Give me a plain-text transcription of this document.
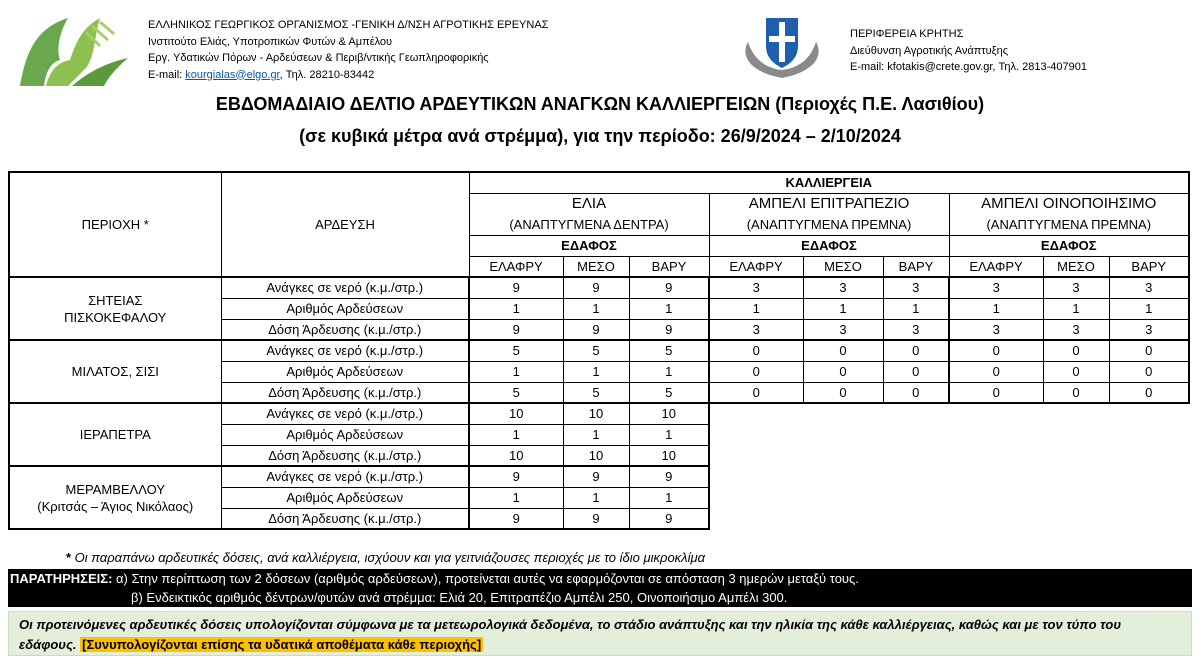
ΕΛΛΗΝΙΚΟΣ ΓΕΩΡΓΙΚΟΣ ΟΡΓΑΝΙΣΜΟΣ -ΓΕΝΙΚΗ Δ/ΝΣΗ ΑΓΡΟΤΙΚΗΣ ΕΡΕΥΝΑΣ
Ινστιτούτο Ελιάς, Υποτροπικών Φυτών & Αμπέλου
Εργ. Υδατικών Πόρων - Αρδεύσεων & Περιβ/ντικής Γεωπληροφορικής
E-mail: kourgialas@elgo.gr, Τηλ. 28210-83442
ΠΕΡΙΦΕΡΕΙΑ ΚΡΗΤΗΣ
Διεύθυνση Αγροτικής Ανάπτυξης
E-mail: kfotakis@crete.gov.gr, Τηλ. 2813-407901
ΕΒΔΟΜΑΔΙΑΙΟ ΔΕΛΤΙΟ ΑΡΔΕΥΤΙΚΩΝ ΑΝΑΓΚΩΝ ΚΑΛΛΙΕΡΓΕΙΩΝ (Περιοχές Π.Ε. Λασιθίου)
(σε κυβικά μέτρα ανά στρέμμα), για την περίοδο: 26/9/2024 – 2/10/2024
ΠΕΡΙΟΧΗ *	ΑΡΔΕΥΣΗ	ΚΑΛΛΙΕΡΓΕΙΑ								
		ΕΛΙΑ			ΑΜΠΕΛΙ ΕΠΙΤΡΑΠΕΖΙΟ			ΑΜΠΕΛΙ ΟΙΝΟΠΟΙΗΣΙΜΟ		
		(ΑΝΑΠΤΥΓΜΕΝΑ ΔΕΝΤΡΑ)			(ΑΝΑΠΤΥΓΜΕΝΑ ΠΡΕΜΝΑ)			(ΑΝΑΠΤΥΓΜΕΝΑ ΠΡΕΜΝΑ)		
		ΕΔΑΦΟΣ			ΕΔΑΦΟΣ			ΕΔΑΦΟΣ		
		ΕΛΑΦΡΥ	ΜΕΣΟ	ΒΑΡΥ	ΕΛΑΦΡΥ	ΜΕΣΟ	ΒΑΡΥ	ΕΛΑΦΡΥ	ΜΕΣΟ	ΒΑΡΥ

ΣΗΤΕΙΑΣ
ΠΙΣΚΟΚΕΦΑΛΟΥ	Ανάγκες σε νερό (κ.μ./στρ.)	9	9	9	3	3	3	3	3	3
	Αριθμός Αρδεύσεων	1	1	1	1	1	1	1	1	1
	Δόση Άρδευσης (κ.μ./στρ.)	9	9	9	3	3	3	3	3	3

ΜΙΛΑΤΟΣ, ΣΙΣΙ	Ανάγκες σε νερό (κ.μ./στρ.)	5	5	5	0	0	0	0	0	0
	Αριθμός Αρδεύσεων	1	1	1	0	0	0	0	0	0
	Δόση Άρδευσης (κ.μ./στρ.)	5	5	5	0	0	0	0	0	0

ΙΕΡΑΠΕΤΡΑ	Ανάγκες σε νερό (κ.μ./στρ.)	10	10	10						
	Αριθμός Αρδεύσεων	1	1	1						
	Δόση Άρδευσης (κ.μ./στρ.)	10	10	10						

ΜΕΡΑΜΒΕΛΛΟΥ
(Κριτσάς – Άγιος Νικόλαος)	Ανάγκες σε νερό (κ.μ./στρ.)	9	9	9						
	Αριθμός Αρδεύσεων	1	1	1						
	Δόση Άρδευσης (κ.μ./στρ.)	9	9	9						
* Οι παραπάνω αρδευτικές δόσεις, ανά καλλιέργεια, ισχύουν και για γειτνιάζουσες περιοχές με το ίδιο μικροκλίμα
ΠΑΡΑΤΗΡΗΣΕΙΣ: α) Στην περίπτωση των 2 δόσεων (αριθμός αρδεύσεων), προτείνεται αυτές να εφαρμόζονται σε απόσταση 3 ημερών μεταξύ τους.
β) Ενδεικτικός αριθμός δέντρων/φυτών ανά στρέμμα: Ελιά 20, Επιτραπέζιο Αμπέλι 250, Οινοποιήσιμο Αμπέλι 300.
Οι προτεινόμενες αρδευτικές δόσεις υπολογίζονται σύμφωνα με τα μετεωρολογικά δεδομένα, το στάδιο ανάπτυξης και την ηλικία της κάθε καλλιέργειας, καθώς και με τον τύπο του εδάφους. [Συνυπολογίζονται επίσης τα υδατικά αποθέματα κάθε περιοχής]
